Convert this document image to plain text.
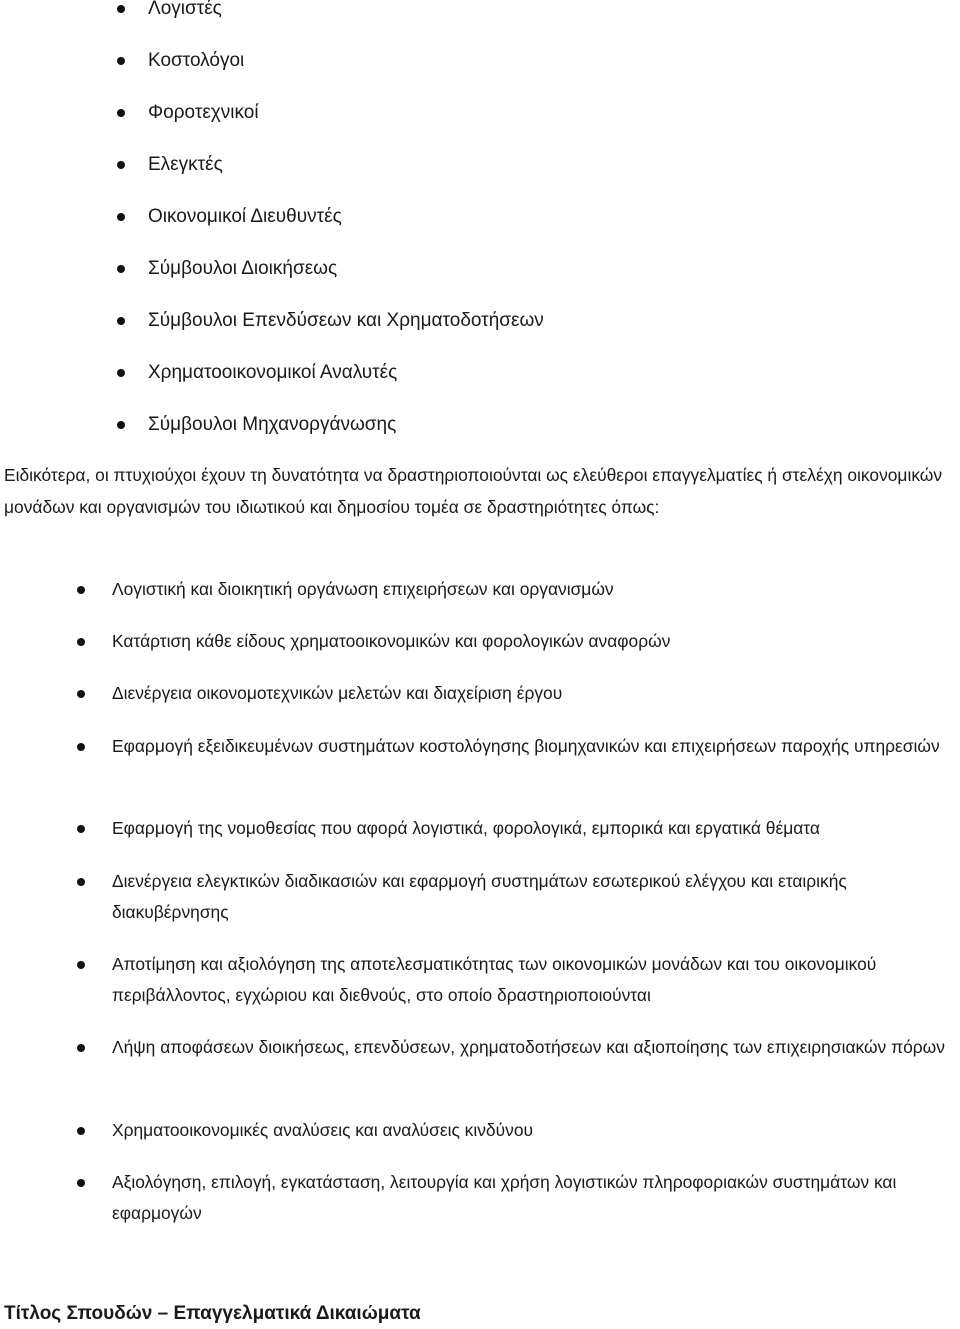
Λογιστές
Κοστολόγοι
Φοροτεχνικοί
Ελεγκτές
Οικονομικοί Διευθυντές
Σύμβουλοι Διοικήσεως
Σύμβουλοι Επενδύσεων και Χρηματοδοτήσεων
Χρηματοοικονομικοί Αναλυτές
Σύμβουλοι Μηχανοργάνωσης

Ειδικότερα, οι πτυχιούχοι έχουν τη δυνατότητα να δραστηριοποιούνται ως ελεύθεροι επαγγελματίες ή στελέχη οικονομικών μονάδων και οργανισμών του ιδιωτικού και δημοσίου τομέα σε δραστηριότητες όπως:

Λογιστική και διοικητική οργάνωση επιχειρήσεων και οργανισμών
Κατάρτιση κάθε είδους χρηματοοικονομικών και φορολογικών αναφορών
Διενέργεια οικονομοτεχνικών μελετών και διαχείριση έργου
Εφαρμογή εξειδικευμένων συστημάτων κοστολόγησης βιομηχανικών και επιχειρήσεων παροχής υπηρεσιών
Εφαρμογή της νομοθεσίας που αφορά λογιστικά, φορολογικά, εμπορικά και εργατικά θέματα
Διενέργεια ελεγκτικών διαδικασιών και εφαρμογή συστημάτων εσωτερικού ελέγχου και εταιρικής διακυβέρνησης
Αποτίμηση και αξιολόγηση της αποτελεσματικότητας των οικονομικών μονάδων και του οικονομικού περιβάλλοντος, εγχώριου και διεθνούς, στο οποίο δραστηριοποιούνται
Λήψη αποφάσεων διοικήσεως, επενδύσεων, χρηματοδοτήσεων και αξιοποίησης των επιχειρησιακών πόρων
Χρηματοοικονομικές αναλύσεις και αναλύσεις κινδύνου
Αξιολόγηση, επιλογή, εγκατάσταση, λειτουργία και χρήση λογιστικών πληροφοριακών συστημάτων και εφαρμογών
Τίτλος Σπουδών – Επαγγελματικά Δικαιώματα
